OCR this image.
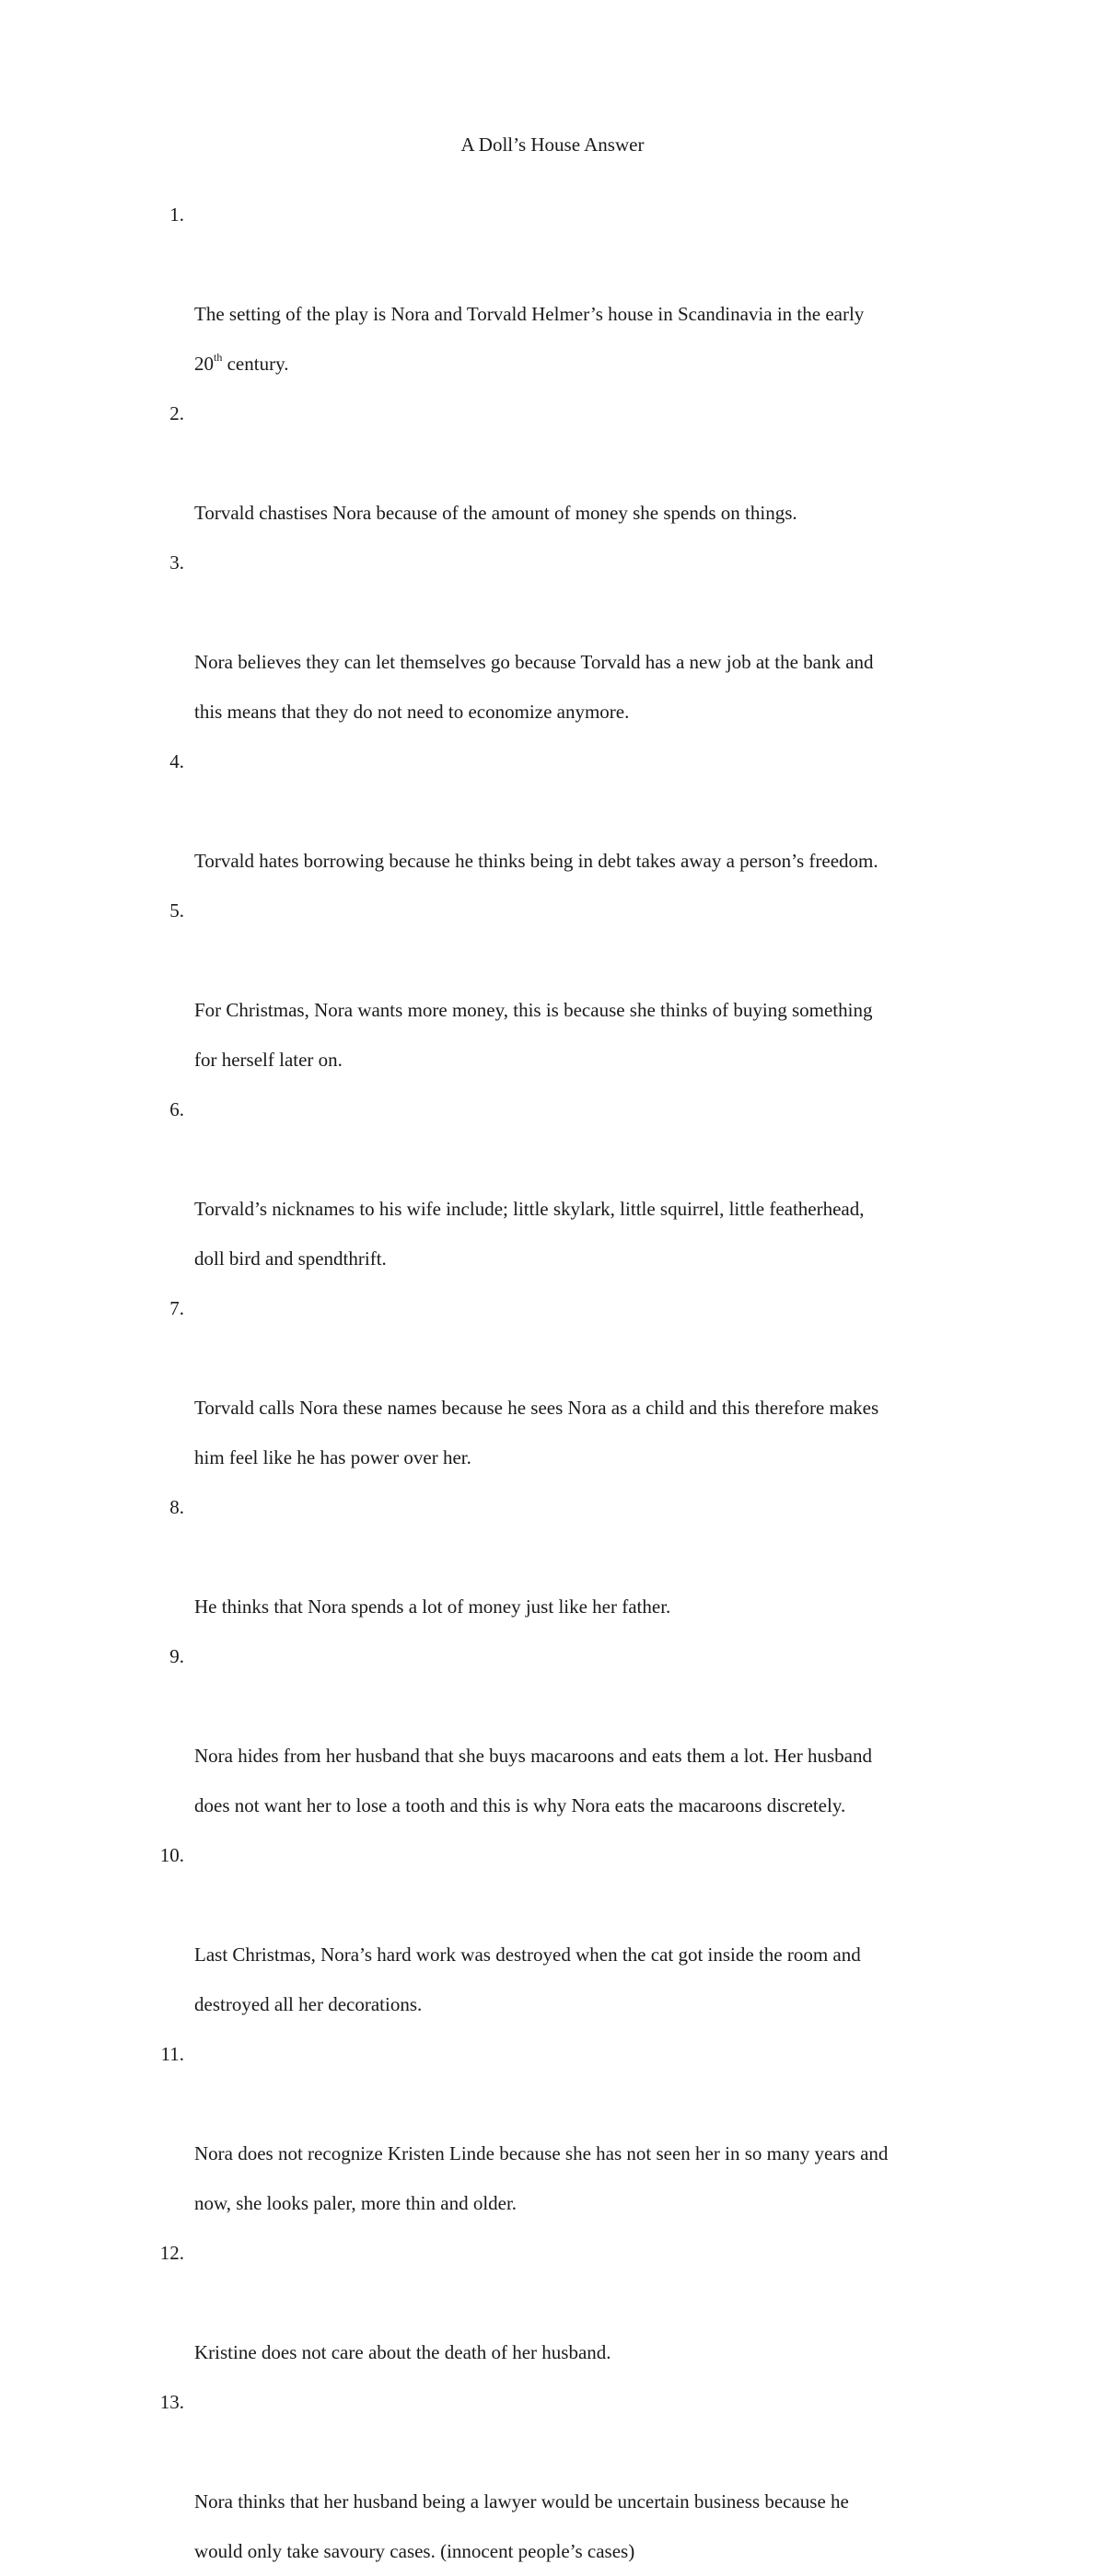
A Doll’s House Answer

1.

The setting of the play is Nora and Torvald Helmer’s house in Scandinavia in the early
20th century.

2.

Torvald chastises Nora because of the amount of money she spends on things.

3.

Nora believes they can let themselves go because Torvald has a new job at the bank and
this means that they do not need to economize anymore.

4.

Torvald hates borrowing because he thinks being in debt takes away a person’s freedom.

5.

For Christmas, Nora wants more money, this is because she thinks of buying something
for herself later on.

6.

Torvald’s nicknames to his wife include; little skylark, little squirrel, little featherhead,
doll bird and spendthrift.

7.

Torvald calls Nora these names because he sees Nora as a child and this therefore makes
him feel like he has power over her.

8.

He thinks that Nora spends a lot of money just like her father.

9.

Nora hides from her husband that she buys macaroons and eats them a lot. Her husband
does not want her to lose a tooth and this is why Nora eats the macaroons discretely.

10.

Last Christmas, Nora’s hard work was destroyed when the cat got inside the room and
destroyed all her decorations.

11.

Nora does not recognize Kristen Linde because she has not seen her in so many years and
now, she looks paler, more thin and older.

12.

Kristine does not care about the death of her husband.

13.

Nora thinks that her husband being a lawyer would be uncertain business because he
would only take savoury cases. (innocent people’s cases)
